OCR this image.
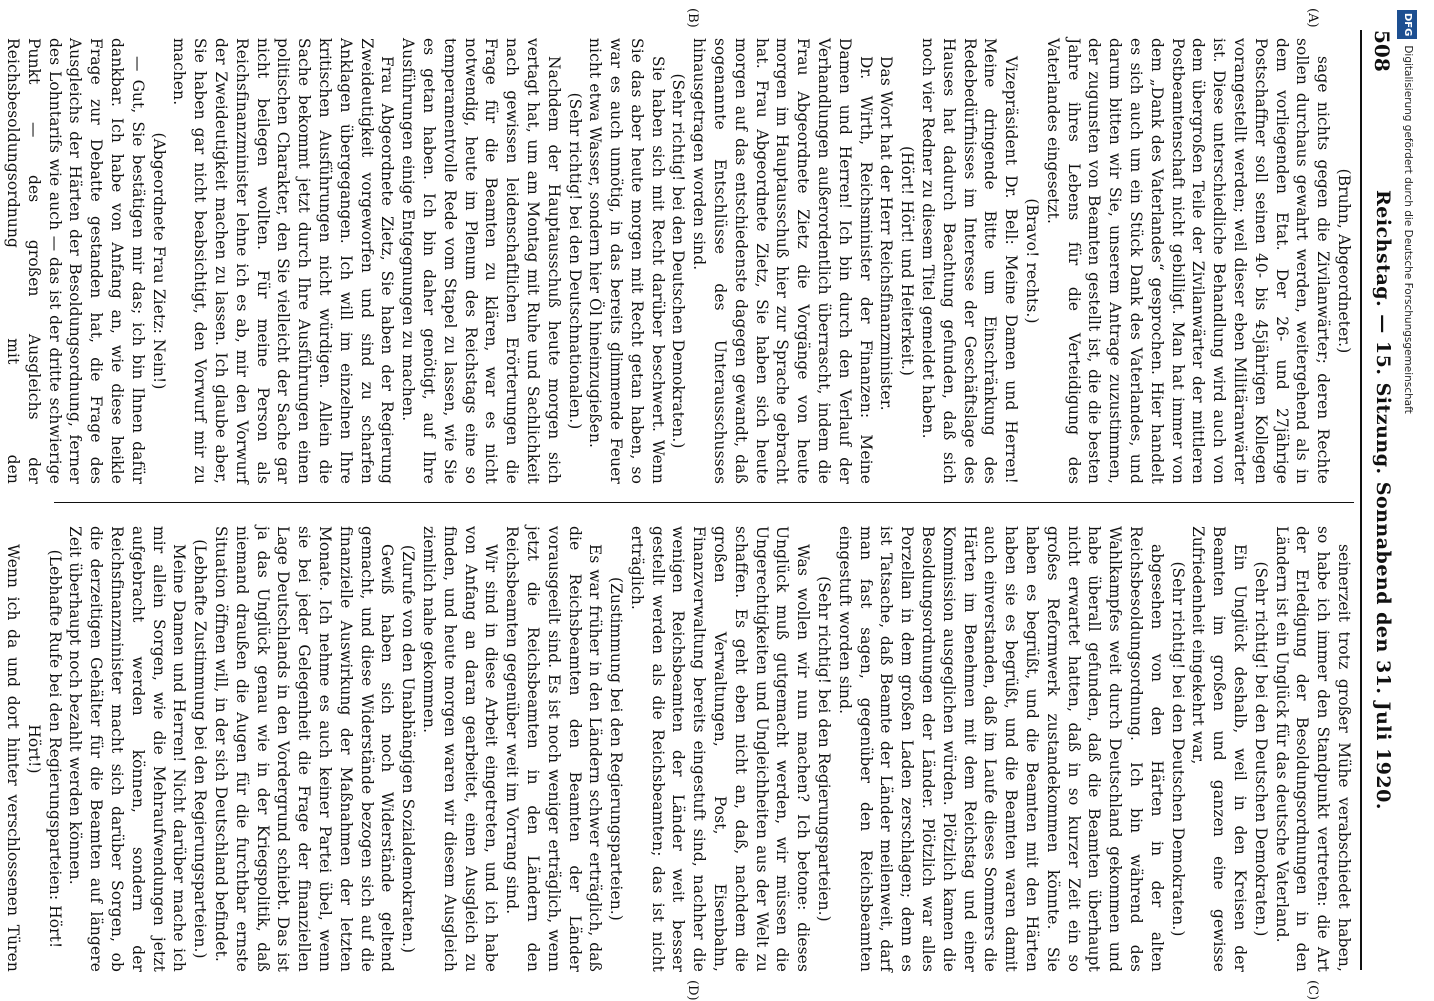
508
Reichstag. — 15. Sitzung. Sonnabend den 31. Juli 1920.

(Bruhn, Abgeordneter.)

sage nichts gegen die Zivilanwärter; deren Rechte sollen durchaus gewahrt werden, weitergehend als in dem vorliegenden Etat. Der 26- und 27jährige Postschaffner soll seinen 40- bis 45jährigen Kollegen vorangestellt werden; weil dieser eben Militäranwärter ist. Diese unterschiedliche Behandlung wird auch von dem übergroßen Teile der Zivilanwärter der mittleren Postbeamtenschaft nicht gebilligt. Man hat immer von dem „Dank des Vaterlandes“ gesprochen. Hier handelt es sich auch um ein Stück Dank des Vaterlandes, und darum bitten wir Sie, unserem Antrage zuzustimmen, der zugunsten von Beamten gestellt ist, die die besten Jahre ihres Lebens für die Verteidigung des Vaterlandes eingesetzt.

(Bravo! rechts.)

Vizepräsident Dr. Bell: Meine Damen und Herren! Meine dringende Bitte um Einschränkung des Redebedürfnisses im Interesse der Geschäftslage des Hauses hat dadurch Beachtung gefunden, daß sich noch vier Redner zu diesem Titel gemeldet haben.

(Hört! Hört! und Heiterkeit.)

Das Wort hat der Herr Reichsfinanzminister.

Dr. Wirth, Reichsminister der Finanzen: Meine Damen und Herren! Ich bin durch den Verlauf der Verhandlungen außerordentlich überrascht, indem die Frau Abgeordnete Zietz die Vorgänge von heute morgen im Hauptausschuß hier zur Sprache gebracht hat. Frau Abgeordnete Zietz, Sie haben sich heute morgen auf das entschiedenste dagegen gewandt, daß sogenannte Entschlüsse des Unterausschusses hinausgetragen worden sind.

(Sehr richtig! bei den Deutschen Demokraten.)

Sie haben sich mit Recht darüber beschwert. Wenn Sie das aber heute morgen mit Recht getan haben, so war es auch unnötig, in das bereits glimmende Feuer nicht etwa Wasser, sondern hier Öl hineinzugießen.

(Sehr richtig! bei den Deutschnationalen.)

Nachdem der Hauptausschuß heute morgen sich vertagt hat, um am Montag mit Ruhe und Sachlichkeit nach gewissen leidenschaftlichen Erörterungen die Frage für die Beamten zu klären, war es nicht notwendig, heute im Plenum des Reichstags eine so temperamentvolle Rede vom Stapel zu lassen, wie Sie es getan haben. Ich bin daher genötigt, auf Ihre Ausführungen einige Entgegnungen zu machen.

Frau Abgeordnete Zietz, Sie haben der Regierung Zweideutigkeit vorgeworfen und sind zu scharfen Anklagen übergegangen. Ich will im einzelnen Ihre kritischen Ausführungen nicht würdigen. Allein die Sache bekommt jetzt durch Ihre Ausführungen einen politischen Charakter, den Sie vielleicht der Sache gar nicht beilegen wollten. Für meine Person als Reichsfinanzminister lehne ich es ab, mir den Vorwurf der Zweideutigkeit machen zu lassen. Ich glaube aber, Sie haben gar nicht beabsichtigt, den Vorwurf mir zu machen.

(Abgeordnete Frau Zietz: Nein!)

— Gut, Sie bestätigen mir das; ich bin Ihnen dafür dankbar. Ich habe von Anfang an, wie diese heikle Frage zur Debatte gestanden hat, die Frage des Ausgleichs der Härten der Besoldungsordnung, ferner des Lohntarifs wie auch — das ist der dritte schwierige Punkt — des großen Ausgleichs der Reichsbesoldungsordnung mit den

seinerzeit trotz großer Mühe verabschiedet haben, so habe ich immer den Standpunkt vertreten: die Art der Erledigung der Besoldungsordnungen in den Ländern ist ein Unglück für das deutsche Vaterland.

(Sehr richtig! bei den Deutschen Demokraten.)

Ein Unglück deshalb, weil in den Kreisen der Beamten im großen und ganzen eine gewisse Zufriedenheit eingekehrt war,

(Sehr richtig! bei den Deutschen Demokraten.)

abgesehen von den Härten in der alten Reichsbesoldungsordnung. Ich bin während des Wahlkampfes weit durch Deutschland gekommen und habe überall gefunden, daß die Beamten überhaupt nicht erwartet hatten, daß in so kurzer Zeit ein so großes Reformwerk zustandekommen könnte. Sie haben es begrüßt, und die Beamten mit den Härten haben sie es begrüßt, und die Beamten waren damit auch einverstanden, daß im Laufe dieses Sommers die Härten im Benehmen mit dem Reichstag und einer Kommission ausgeglichen würden. Plötzlich kamen die Besoldungsordnungen der Länder. Plötzlich war alles Porzellan in dem großen Laden zerschlagen; denn es ist Tatsache, daß Beamte der Länder meilenweit, darf man fast sagen, gegenüber den Reichsbeamten eingestuft worden sind.

(Sehr richtig! bei den Regierungsparteien.)

Was wollen wir nun machen? Ich betone: dieses Unglück muß gutgemacht werden, wir müssen die Ungerechtigkeiten und Ungleichheiten aus der Welt zu schaffen. Es geht eben nicht an, daß, nachdem die großen Verwaltungen, Post, Eisenbahn, Finanzverwaltung bereits eingestuft sind, nachher die wenigen Reichsbeamten der Länder weit besser gestellt werden als die Reichsbeamten; das ist nicht erträglich.

(Zustimmung bei den Regierungsparteien.)

Es war früher in den Ländern schwer erträglich, daß die Reichsbeamten den Beamten der Länder vorausgeeilt sind. Es ist noch weniger erträglich, wenn jetzt die Reichsbeamten in den Ländern den Reichsbeamten gegenüber weit im Vorrang sind.

Wir sind in diese Arbeit eingetreten, und ich habe von Anfang an daran gearbeitet, einen Ausgleich zu finden, und heute morgen waren wir diesem Ausgleich ziemlich nahe gekommen.

(Zurufe von den Unabhängigen Sozialdemokraten.)

Gewiß haben sich noch Widerstände geltend gemacht, und diese Widerstände bezogen sich auf die finanzielle Auswirkung der Maßnahmen der letzten Monate. Ich nehme es auch keiner Partei übel, wenn sie bei jeder Gelegenheit die Frage der finanziellen Lage Deutschlands in den Vordergrund schiebt. Das ist ja das Unglück genau wie in der Kriegspolitik, daß niemand draußen die Augen für die furchtbar ernste Situation öffnen will, in der sich Deutschland befindet.

(Lebhafte Zustimmung bei den Regierungsparteien.)

Meine Damen und Herren! Nicht darüber mache ich mir allein Sorgen, wie die Mehraufwendungen jetzt aufgebracht werden können, sondern der Reichsfinanzminister macht sich darüber Sorgen, ob die derzeitigen Gehälter für die Beamten auf längere Zeit überhaupt noch bezahlt werden können.

(Lebhafte Rufe bei den Regierungsparteien: Hört! Hört!)

Wenn ich da und dort hinter verschlossenen Türen

(A)
(B)
(C)
(D)
DFGDigitalisierung gefördert durch die Deutsche Forschungsgemeinschaft
